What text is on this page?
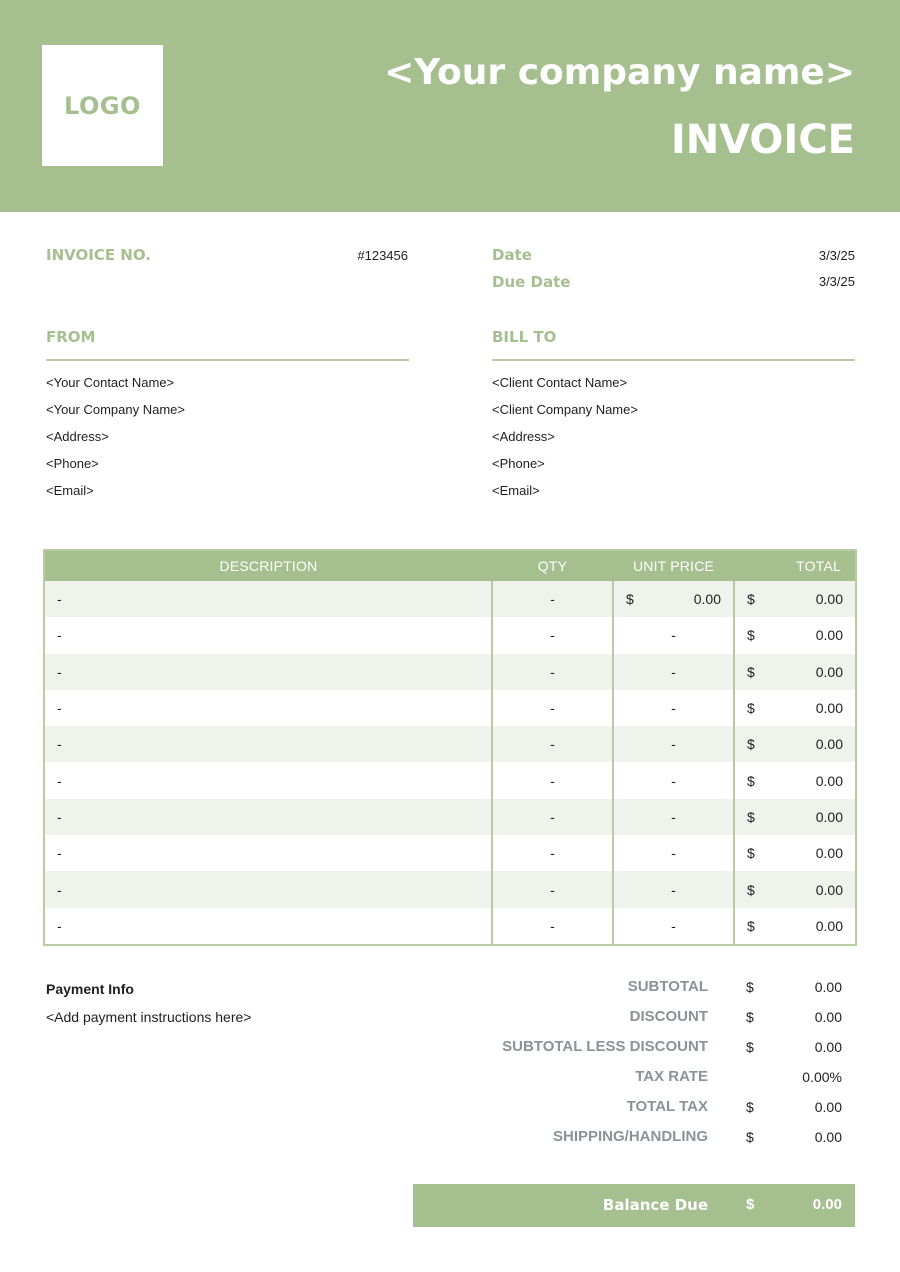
LOGO
<Your company name>
INVOICE
INVOICE NO.	#123456	Date	3/3/25
Due Date	3/3/25
FROM
<Your Contact Name>
<Your Company Name>
<Address>
<Phone>
<Email>
BILL TO
<Client Contact Name>
<Client Company Name>
<Address>
<Phone>
<Email>
DESCRIPTION	QTY	UNIT PRICE	TOTAL
-	-	$ 0.00	$ 0.00

-	-	-	$ 0.00

-	-	-	$ 0.00

-	-	-	$ 0.00

-	-	-	$ 0.00

-	-	-	$ 0.00

-	-	-	$ 0.00

-	-	-	$ 0.00

-	-	-	$ 0.00

-	-	-	$ 0.00
Payment Info
<Add payment instructions here>
SUBTOTAL	$	0.00
DISCOUNT	$	0.00
SUBTOTAL LESS DISCOUNT	$	0.00
TAX RATE	0.00%
TOTAL TAX	$	0.00
SHIPPING/HANDLING	$	0.00
Balance Due	$	0.00
